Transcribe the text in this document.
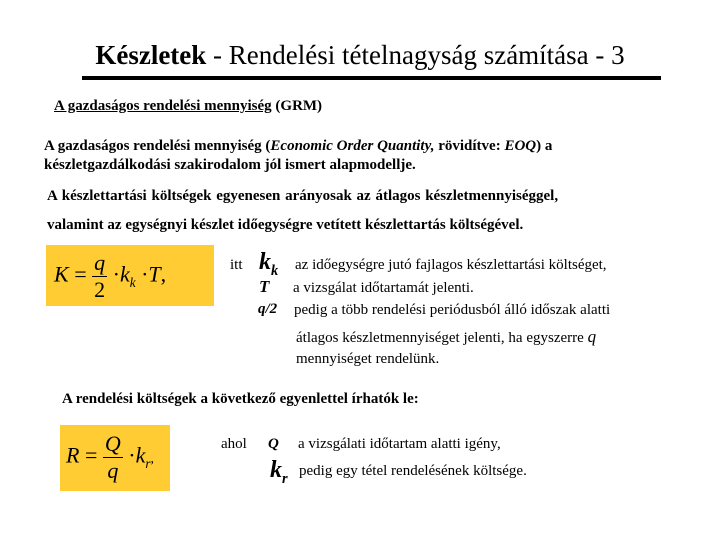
Készletek - Rendelési tételnagyság számítása - 3
A gazdaságos rendelési mennyiség (GRM)
A gazdaságos rendelési mennyiség (Economic Order Quantity, rövidítve: EOQ) a
készletgazdálkodási szakirodalom jól ismert alapmodellje.
A készlettartási költségek egyenesen arányosak az átlagos készletmennyiséggel,
valamint az egységnyi készlet időegységre vetített készlettartás költségével.
$K = \frac{q}{2} \cdot k_k \cdot T$,	itt $k_k$ az időegységre jutó fajlagos készlettartási költséget,
T a vizsgálat időtartamát jelenti.
q/2 pedig a több rendelési periódusból álló időszak alatti
átlagos készletmennyiséget jelenti, ha egyszerre q
mennyiséget rendelünk.
A rendelési költségek a következő egyenlettel írhatók le:
$R = \frac{Q}{q} \cdot k_r$,
ahol Q a vizsgálati időtartam alatti igény,
$k_r$ pedig egy tétel rendelésének költsége.
